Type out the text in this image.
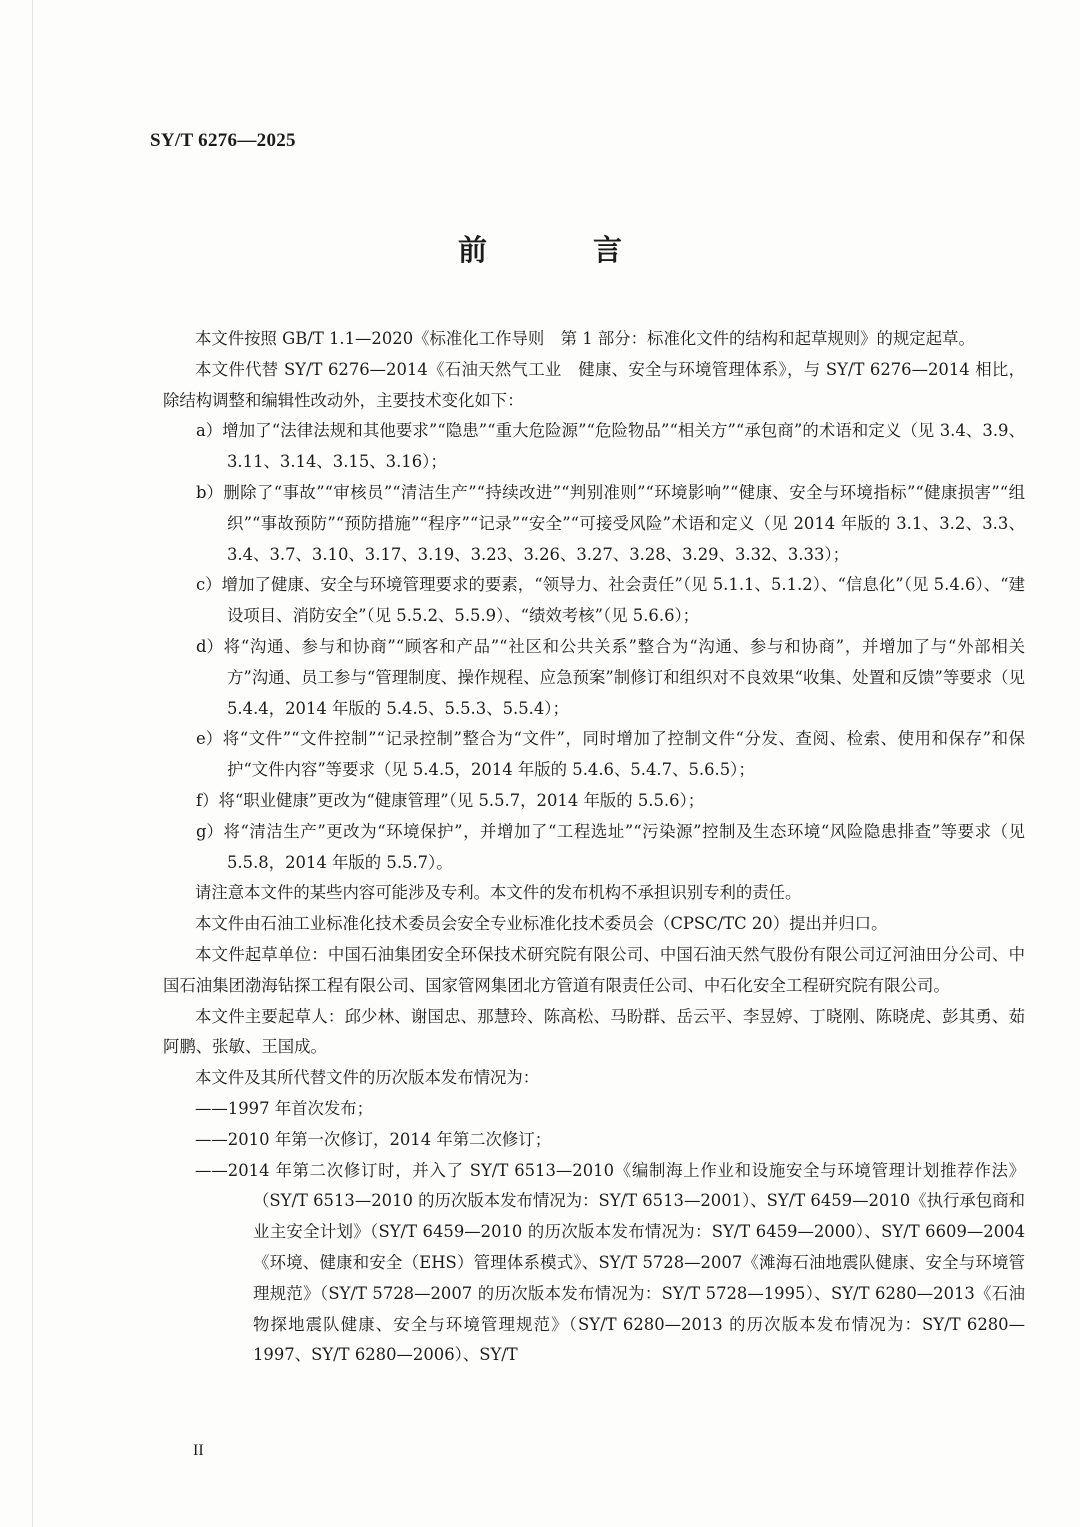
SY/T 6276—2025
前 言

本文件按照 GB/T 1.1—2020《标准化工作导则　第 1 部分：标准化文件的结构和起草规则》的规定起草。

本文件代替 SY/T 6276—2014《石油天然气工业　健康、安全与环境管理体系》，与 SY/T 6276—2014 相比，除结构调整和编辑性改动外，主要技术变化如下：

a）增加了“法律法规和其他要求”“隐患”“重大危险源”“危险物品”“相关方”“承包商”的术语和定义（见 3.4、3.9、3.11、3.14、3.15、3.16）；

b）删除了“事故”“审核员”“清洁生产”“持续改进”“判别准则”“环境影响”“健康、安全与环境指标”“健康损害”“组织”“事故预防”“预防措施”“程序”“记录”“安全”“可接受风险”术语和定义（见 2014 年版的 3.1、3.2、3.3、3.4、3.7、3.10、3.17、3.19、3.23、3.26、3.27、3.28、3.29、3.32、3.33）；

c）增加了健康、安全与环境管理要求的要素，“领导力、社会责任”（见 5.1.1、5.1.2）、“信息化”（见 5.4.6）、“建设项目、消防安全”（见 5.5.2、5.5.9）、“绩效考核”（见 5.6.6）；

d）将“沟通、参与和协商”“顾客和产品”“社区和公共关系”整合为“沟通、参与和协商”，并增加了与“外部相关方”沟通、员工参与“管理制度、操作规程、应急预案”制修订和组织对不良效果“收集、处置和反馈”等要求（见 5.4.4，2014 年版的 5.4.5、5.5.3、5.5.4）；

e）将“文件”“文件控制”“记录控制”整合为“文件”，同时增加了控制文件“分发、查阅、检索、使用和保存”和保护“文件内容”等要求（见 5.4.5，2014 年版的 5.4.6、5.4.7、5.6.5）；

f）将“职业健康”更改为“健康管理”（见 5.5.7，2014 年版的 5.5.6）；

g）将“清洁生产”更改为“环境保护”，并增加了“工程选址”“污染源”控制及生态环境“风险隐患排查”等要求（见 5.5.8，2014 年版的 5.5.7）。

请注意本文件的某些内容可能涉及专利。本文件的发布机构不承担识别专利的责任。

本文件由石油工业标准化技术委员会安全专业标准化技术委员会（CPSC/TC 20）提出并归口。

本文件起草单位：中国石油集团安全环保技术研究院有限公司、中国石油天然气股份有限公司辽河油田分公司、中国石油集团渤海钻探工程有限公司、国家管网集团北方管道有限责任公司、中石化安全工程研究院有限公司。

本文件主要起草人：邱少林、谢国忠、那慧玲、陈高松、马盼群、岳云平、李昱婷、丁晓刚、陈晓虎、彭其勇、茹阿鹏、张敏、王国成。

本文件及其所代替文件的历次版本发布情况为：

——1997 年首次发布；

——2010 年第一次修订，2014 年第二次修订；

——2014 年第二次修订时，并入了 SY/T 6513—2010《编制海上作业和设施安全与环境管理计划推荐作法》（SY/T 6513—2010 的历次版本发布情况为：SY/T 6513—2001）、SY/T 6459—2010《执行承包商和业主安全计划》（SY/T 6459—2010 的历次版本发布情况为：SY/T 6459—2000）、SY/T 6609—2004《环境、健康和安全（EHS）管理体系模式》、SY/T 5728—2007《滩海石油地震队健康、安全与环境管理规范》（SY/T 5728—2007 的历次版本发布情况为：SY/T 5728—1995）、SY/T 6280—2013《石油物探地震队健康、安全与环境管理规范》（SY/T 6280—2013 的历次版本发布情况为：SY/T 6280—1997、SY/T 6280—2006）、SY/T

II
